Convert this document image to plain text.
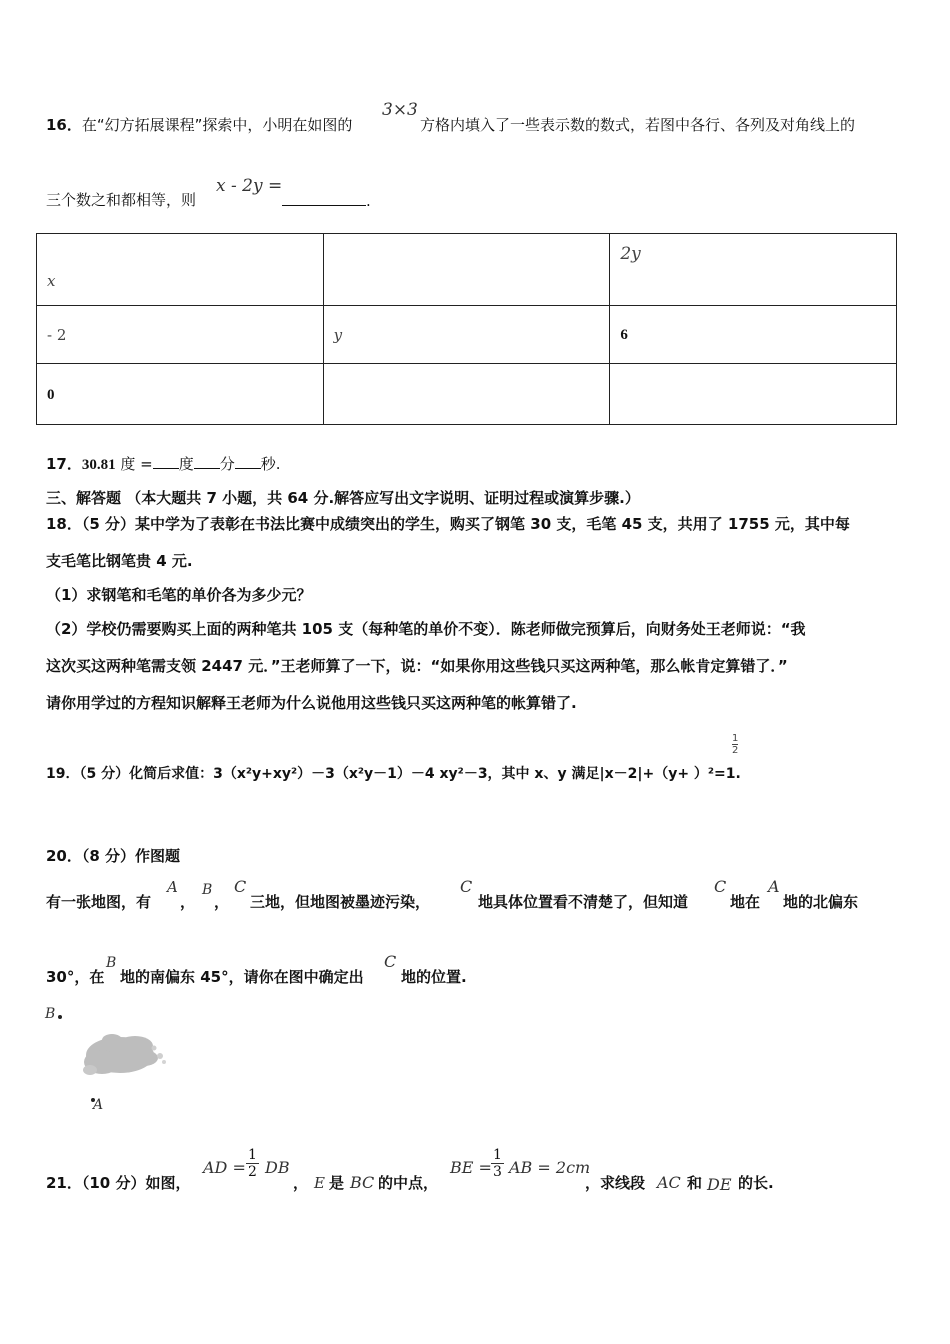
16．在“幻方拓展课程”探索中，小明在如图的
3×3
方格内填入了一些表示数的数式，若图中各行、各列及对角线上的
三个数之和都相等，则
x - 2y =
.
x		2y
- 2	y	6
0		
17．30.81 度 = 度 分 秒.
三、解答题 （本大题共 7 小题，共 64 分.解答应写出文字说明、证明过程或演算步骤.）
18．（5 分）某中学为了表彰在书法比赛中成绩突出的学生，购买了钢笔 30 支，毛笔 45 支，共用了 1755 元，其中每
支毛笔比钢笔贵 4 元.
（1）求钢笔和毛笔的单价各为多少元？
（2）学校仍需要购买上面的两种笔共 105 支（每种笔的单价不变）．陈老师做完预算后，向财务处王老师说：“我
这次买这两种笔需支领 2447 元．”王老师算了一下，说：“如果你用这些钱只买这两种笔，那么帐肯定算错了．”
请你用学过的方程知识解释王老师为什么说他用这些钱只买这两种笔的帐算错了.
$\frac{1}{2}$
19．（5 分）化简后求值：3（x²y+xy²）－3（x²y－1）－4 xy²－3，其中 x、y 满足|x－2|+（y+ ）²=1.
20．（8 分）作图题
有一张地图，有
A
，
B
，
C
三地，但地图被墨迹污染，
C
地具体位置看不清楚了，但知道
C
地在
A
地的北偏东
30°，在
B
地的南偏东 45°，请你在图中确定出
C
地的位置.
B
A
21．（10 分）如图，
AD = $\frac{1}{2}$ DB
， E 是 BC 的中点，
BE = $\frac{1}{3}$ AB = 2cm
，求线段 AC 和 DE 的长.
